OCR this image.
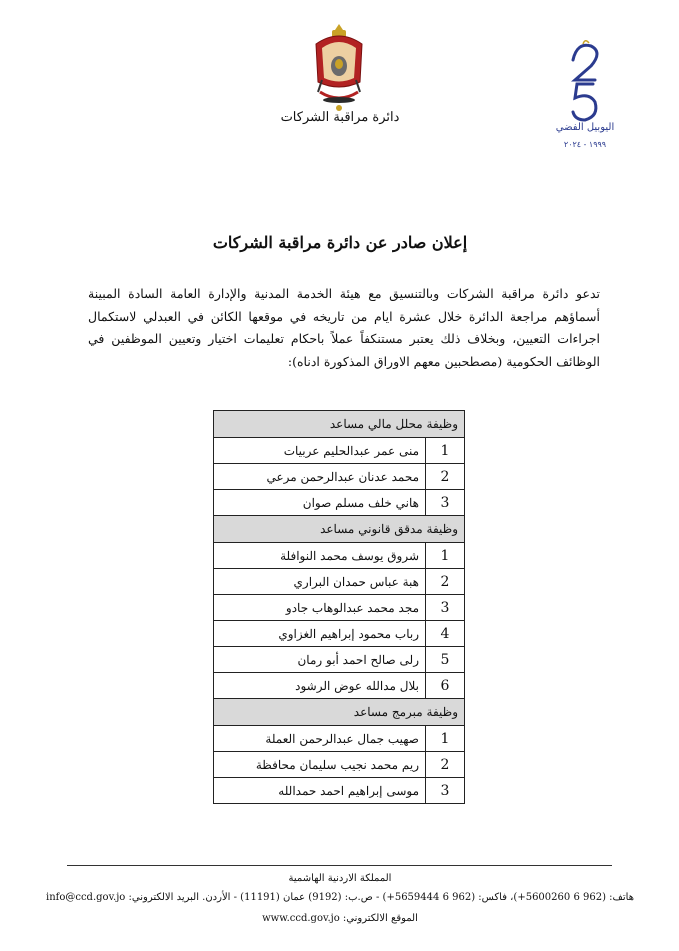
دائرة مراقبة الشركات
اليوبيل الفضي
١٩٩٩ - ٢٠٢٤
إعلان صادر عن دائرة مراقبة الشركات
تدعو دائرة مراقبة الشركات وبالتنسيق مع هيئة الخدمة المدنية والإدارة العامة السادة المبينة أسماؤهم مراجعة الدائرة خلال عشرة ايام من تاريخه في موقعها الكائن في العبدلي لاستكمال اجراءات التعيين، وبخلاف ذلك يعتبر مستنكفاً عملاً باحكام تعليمات اختيار وتعيين الموظفين في الوظائف الحكومية (مصطحبين معهم الاوراق المذكورة ادناه):
وظيفة محلل مالي مساعد	
1	منى عمر عبدالحليم عربيات
2	محمد عدنان عبدالرحمن مرعي
3	هاني خلف مسلم صوان
وظيفة مدقق قانوني مساعد	
1	شروق يوسف محمد النوافلة
2	هبة عباس حمدان البراري
3	مجد محمد عبدالوهاب جادو
4	رباب محمود إبراهيم الغزاوي
5	رلى صالح احمد أبو رمان
6	بلال مدالله عوض الرشود
وظيفة مبرمج مساعد	
1	صهيب جمال عبدالرحمن العملة
2	ريم محمد نجيب سليمان محافظة
3	موسى إبراهيم احمد حمدالله
المملكة الاردنية الهاشمية
هاتف: (962 6 5600260+)، فاكس: (962 6 5659444+) - ص.ب: (9192) عمان (11191) - الأردن. البريد الالكتروني: info@ccd.gov.jo
الموقع الالكتروني: www.ccd.gov.jo
